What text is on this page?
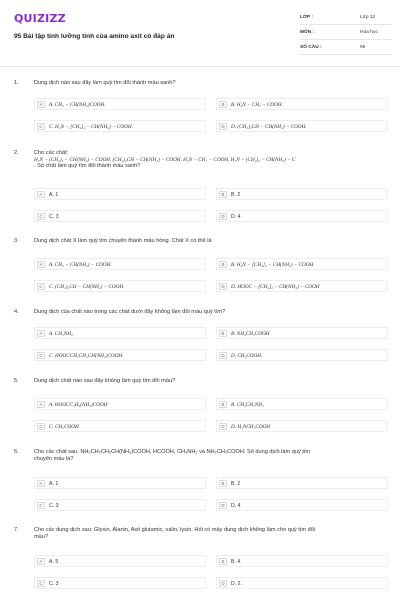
QUIZIZZ
95 Bài tập tính lưỡng tính của amino axit có đáp án
LỚP :	Lớp 12
MÔN :	Hóa học
SỐ CÂU :	95
1.	Dung dịch nào sau đây làm quỳ tím đổi thành màu xanh?
A	A. CH₃ − CH(NH₂)COOH.	B	B. H₂N − CH₂ − COOH.
C	C. H₂N − [CH₂]₄ − CH(NH₂) − COOH.	D	D. (CH₃)₂CH − CH(NH₂) − COOH.
2.	Cho các chất:
H₂N − (CH₂)₄ − CH(NH₂) − COOH, (CH₃)₂CH − CH(NH₂) − COOH, H₂N − CH₂ − COOH, H₂N − (CH₂)₂ − CH(NH₂) − C
. Số chất làm quỳ tím đổi thành màu xanh?
A	A. 1	B	B. 2
C	C. 3	D	D. 4
3.	Dung dịch chất X làm quỳ tím chuyển thành màu hồng. Chất X có thể là
A	A. CH₃ − CH(NH₂) − COOH.	B	B. H₂N − [CH₂]₄ − CH(NH₂) − COOH
C	C. (CH₃)₂CH − CH(NH₂) − COOH.	D	D. HOOC − [CH₂]₂ − CH(NH₂) − COOH
4.	Dung dịch của chất nào trong các chất dưới đây không làm đổi màu quỳ tím?
A	A. CH₃NH₂.	B	B. NH₂CH₂COOH
C	C. HOOCCH₂CH₂CH(NH₂)COOH.	D	D. CH₃COOH.
5.	Dung dịch chất nào sau đây không làm quỳ tím đổi màu?
A	A. HOOCC₃H₅(NH₂)COOH	B	B. CH₃CH₂NH₂
C	C. CH₃COOH	D	D. H₂NCH₂COOH
6.	Cho các chất sau: NH₂CH₂CH₂CH(NH₂)COOH, HCOOH, CH₃NH₂ và NH₂CH₂COOH. Số dung dịch làm quỳ tím
chuyển màu là?
A	A. 1	B	B. 2
C	C. 3	D	D. 4
7.	Cho các dung dịch sau: Glyxin, Alanin, Axit glutamic, valin, lysin. Hỏi có mấy dung dịch không làm cho quỳ tím đổi
màu?
A	A. 5	B	B. 4.
C	C. 3	D	D. 2.
